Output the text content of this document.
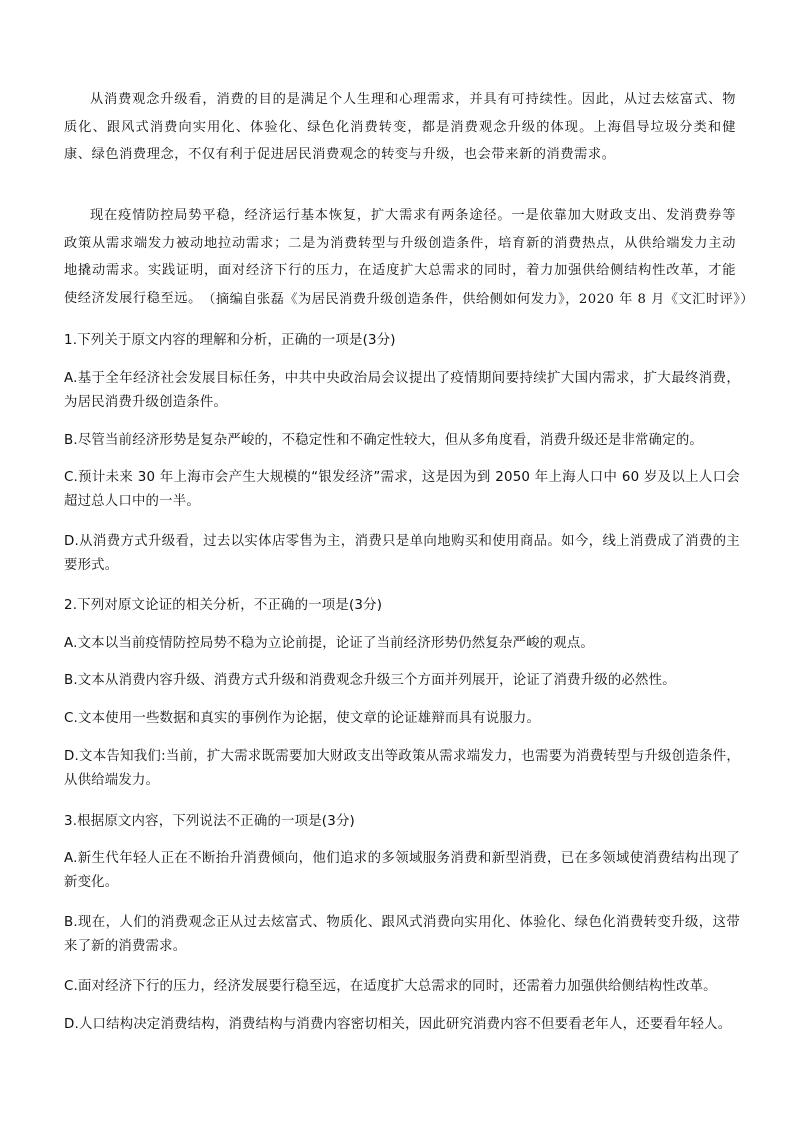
从消费观念升级看，消费的目的是满足个人生理和心理需求，并具有可持续性。因此，从过去炫富式、物质化、跟风式消费向实用化、体验化、绿色化消费转变，都是消费观念升级的体现。上海倡导垃圾分类和健康、绿色消费理念，不仅有利于促进居民消费观念的转变与升级，也会带来新的消费需求。

现在疫情防控局势平稳，经济运行基本恢复，扩大需求有两条途径。一是依靠加大财政支出、发消费券等政策从需求端发力被动地拉动需求；二是为消费转型与升级创造条件，培育新的消费热点，从供给端发力主动地撬动需求。实践证明，面对经济下行的压力，在适度扩大总需求的同时，着力加强供给侧结构性改革，才能使经济发展行稳至远。 （摘编自张磊《为居民消费升级创造条件，供给侧如何发力》，2020 年 8 月《文汇时评》）

1.下列关于原文内容的理解和分析，正确的一项是(3分)

A.基于全年经济社会发展目标任务，中共中央政治局会议提出了疫情期间要持续扩大国内需求，扩大最终消费，为居民消费升级创造条件。

B.尽管当前经济形势是复杂严峻的，不稳定性和不确定性较大，但从多角度看，消费升级还是非常确定的。

C.预计未来 30 年上海市会产生大规模的“银发经济”需求，这是因为到 2050 年上海人口中 60 岁及以上人口会超过总人口中的一半。

D.从消费方式升级看，过去以实体店零售为主，消费只是单向地购买和使用商品。如今，线上消费成了消费的主要形式。

2.下列对原文论证的相关分析，不正确的一项是(3分)

A.文本以当前疫情防控局势不稳为立论前提，论证了当前经济形势仍然复杂严峻的观点。

B.文本从消费内容升级、消费方式升级和消费观念升级三个方面并列展开，论证了消费升级的必然性。

C.文本使用一些数据和真实的事例作为论据，使文章的论证雄辩而具有说服力。

D.文本告知我们:当前，扩大需求既需要加大财政支出等政策从需求端发力，也需要为消费转型与升级创造条件，从供给端发力。

3.根据原文内容，下列说法不正确的一项是(3分)

A.新生代年轻人正在不断抬升消费倾向，他们追求的多领域服务消费和新型消费，已在多领域使消费结构出现了新变化。

B.现在，人们的消费观念正从过去炫富式、物质化、跟风式消费向实用化、体验化、绿色化消费转变升级，这带来了新的消费需求。

C.面对经济下行的压力，经济发展要行稳至远，在适度扩大总需求的同时，还需着力加强供给侧结构性改革。

D.人口结构决定消费结构，消费结构与消费内容密切相关，因此研究消费内容不但要看老年人，还要看年轻人。
